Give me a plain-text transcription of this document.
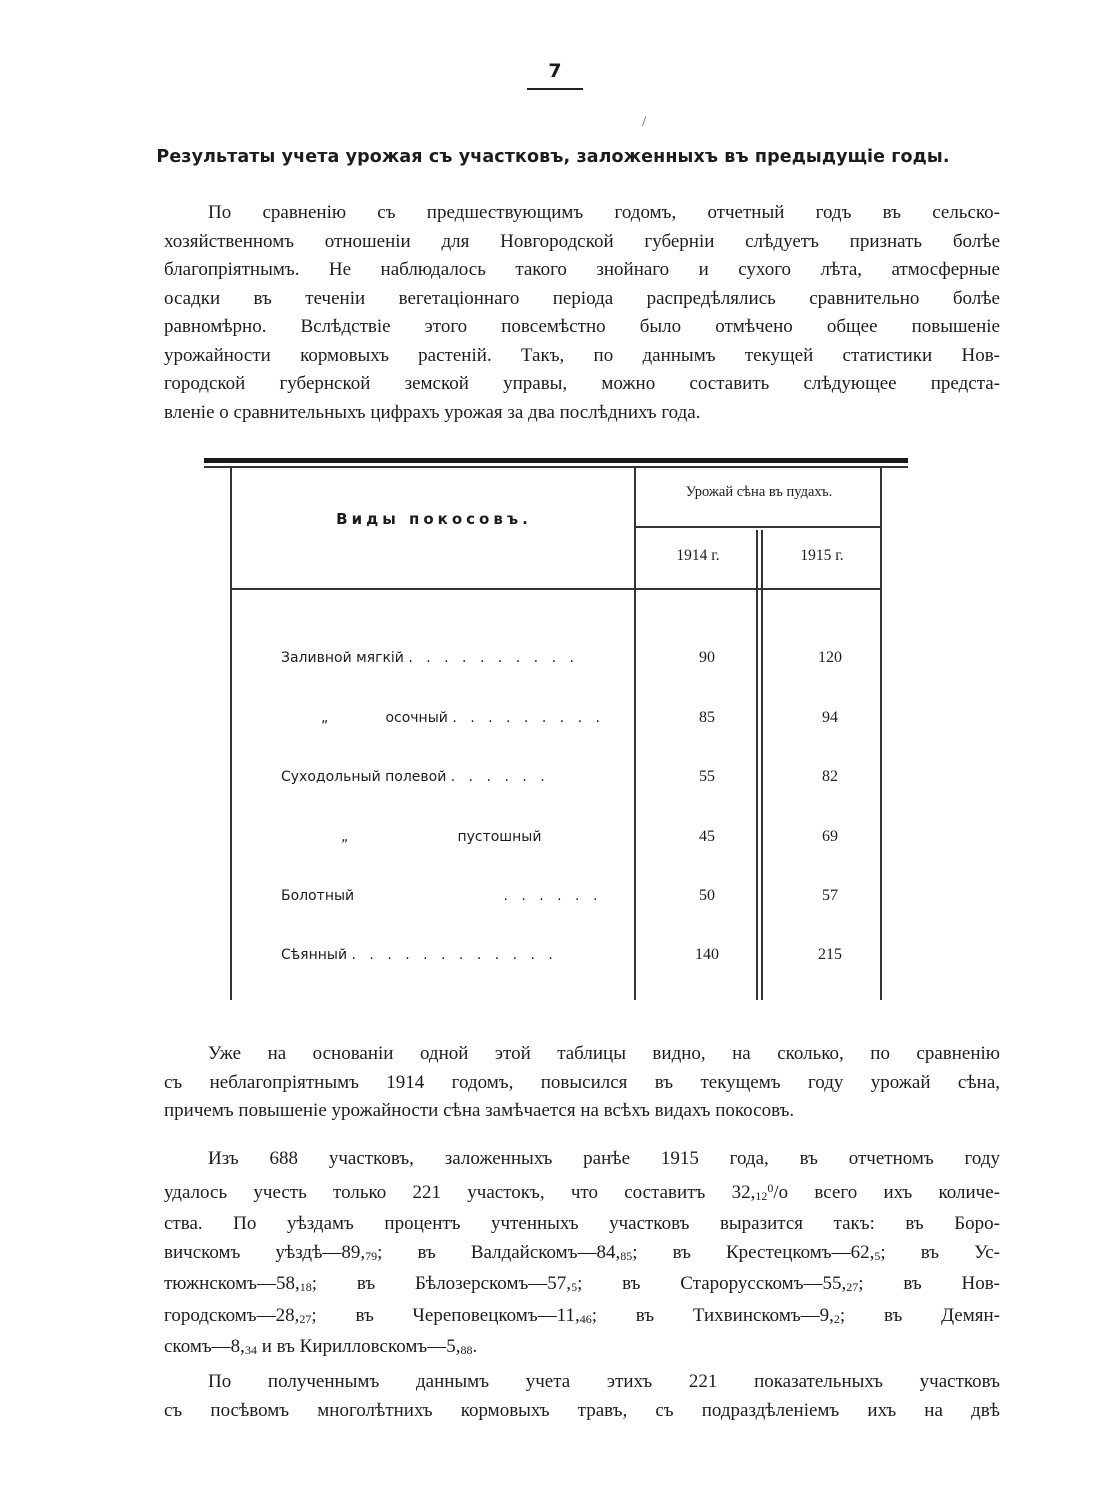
7
/
Результаты учета урожая съ участковъ, заложенныхъ въ предыдущіе годы.
По сравненію съ предшествующимъ годомъ, отчетный годъ въ сельско-
хозяйственномъ отношеніи для Новгородской губерніи слѣдуетъ признать болѣе
благопріятнымъ. Не наблюдалось такого знойнаго и сухого лѣта, атмосферные
осадки въ теченіи вегетаціоннаго періода распредѣлялись сравнительно болѣе
равномѣрно. Вслѣдствіе этого повсемѣстно было отмѣчено общее повышеніе
урожайности кормовыхъ растеній. Такъ, по даннымъ текущей статистики Нов-
городской губернской земской управы, можно составить слѣдующее предста-
вленіе о сравнительныхъ цифрахъ урожая за два послѣднихъ года.
Виды покосовъ.
Урожай сѣна въ пудахъ.
1914 г.	1915 г.
Заливной мягкій . . . . . . . . . .	90	120
„	осочный . . . . . . . . .	85	94
Суходольный полевой . . . . . .	55	82
„	пустошный	45	69
Болотный	. . . . . .	50	57
Сѣянный . . . . . . . . . . . .	140	215
Уже на основаніи одной этой таблицы видно, на сколько, по сравненію
съ неблагопріятнымъ 1914 годомъ, повысился въ текущемъ году урожай сѣна,
причемъ повышеніе урожайности сѣна замѣчается на всѣхъ видахъ покосовъ.
Изъ 688 участковъ, заложенныхъ ранѣе 1915 года, въ отчетномъ году
удалось учесть только 221 участокъ, что составитъ $32,_{12}^0/о$ всего ихъ количе-
ства. По уѣздамъ процентъ учтенныхъ участковъ выразится такъ: въ Боро-
вичскомъ $уѣздѣ—89,_{79}$; въ $Валдайскомъ—84,_{85}$; въ $Крестецкомъ—62,_5$; въ Ус-
$тюжнскомъ—58,_{18}$; въ $Бѣлозерскомъ—57,_5$; въ $Старорусскомъ—55,_{27}$; въ Нов-
$городскомъ—28,_{27}$; въ $Череповецкомъ—11,_{46}$; въ $Тихвинскомъ—9,_2$; въ Демян-
$скомъ—8,_{34}$ и въ $Кирилловскомъ—5,_{88}$.
По полученнымъ даннымъ учета этихъ 221 показательныхъ участковъ
съ посѣвомъ многолѣтнихъ кормовыхъ травъ, съ подраздѣленіемъ ихъ на двѣ
